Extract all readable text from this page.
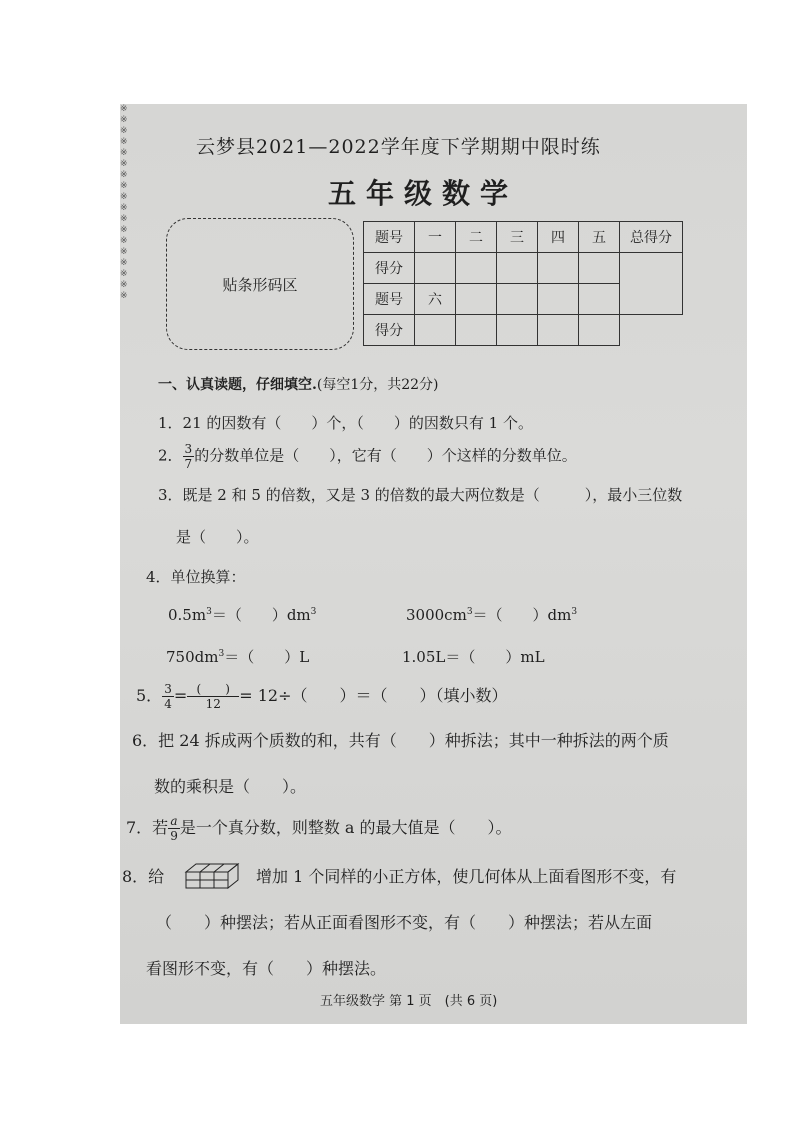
※
※
※
※
※
※
※
※
※
※
※
※
※
※
※
※
※
※
云梦县2021—2022学年度下学期期中限时练
五年级数学
贴条形码区
题号	一	二	三	四	五	总得分
得分						
题号	六					
得分						
一、认真读题，仔细填空.(每空1分，共22分)
1．21 的因数有（　　）个，（　　）的因数只有 1 个。
2． $\frac{3}{7}$ 的分数单位是（　　），它有（　　）个这样的分数单位。
3．既是 2 和 5 的倍数，又是 3 的倍数的最大两位数是（　　　），最小三位数
是（　　）。
4．单位换算：
$0.5m^3=$（　　）$dm^3$	$3000cm^3=$（　　）$dm^3$
$750dm^3=$（　　）L	1.05L＝（　　）mL
5． $\frac{3}{4} = \frac{( )}{12} = 12\div$（　　）＝（　　）（填小数）
6．把 24 拆成两个质数的和，共有（　　）种拆法；其中一种拆法的两个质
数的乘积是（　　）。
7．若 $\frac{a}{9}$ 是一个真分数，则整数 a 的最大值是（　　）。
8．给	增加 1 个同样的小正方体，使几何体从上面看图形不变，有
（　　）种摆法；若从正面看图形不变，有（　　）种摆法；若从左面
看图形不变，有（　　）种摆法。
五年级数学 第 1 页　(共 6 页)
